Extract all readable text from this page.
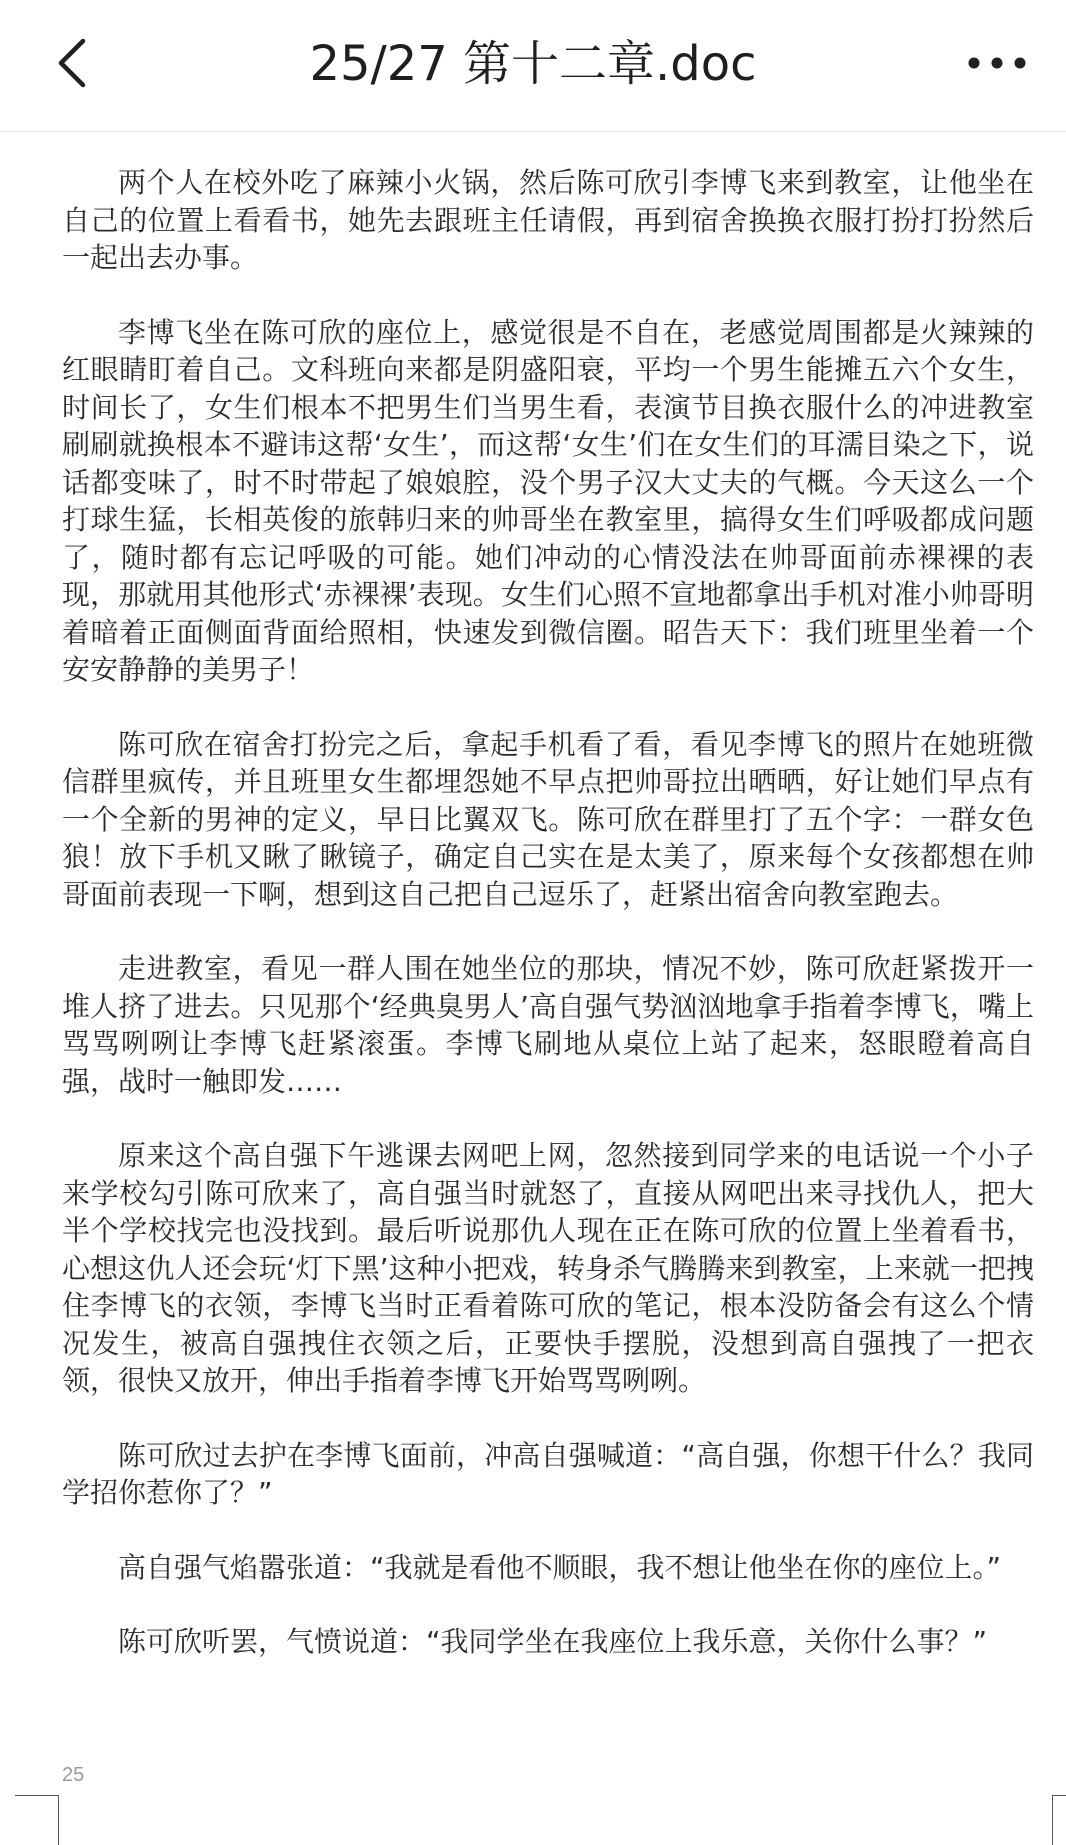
25/27 第十二章.doc

两个人在校外吃了麻辣小火锅，然后陈可欣引李博飞来到教室，让他坐在自己的位置上看看书，她先去跟班主任请假，再到宿舍换换衣服打扮打扮然后一起出去办事。

李博飞坐在陈可欣的座位上，感觉很是不自在，老感觉周围都是火辣辣的红眼睛盯着自己。文科班向来都是阴盛阳衰，平均一个男生能摊五六个女生，时间长了，女生们根本不把男生们当男生看，表演节目换衣服什么的冲进教室刷刷就换根本不避讳这帮‘女生’，而这帮‘女生’们在女生们的耳濡目染之下，说话都变味了，时不时带起了娘娘腔，没个男子汉大丈夫的气概。今天这么一个打球生猛，长相英俊的旅韩归来的帅哥坐在教室里，搞得女生们呼吸都成问题了，随时都有忘记呼吸的可能。她们冲动的心情没法在帅哥面前赤裸裸的表现，那就用其他形式‘赤裸裸’表现。女生们心照不宣地都拿出手机对准小帅哥明着暗着正面侧面背面给照相，快速发到微信圈。昭告天下：我们班里坐着一个安安静静的美男子！

陈可欣在宿舍打扮完之后，拿起手机看了看，看见李博飞的照片在她班微信群里疯传，并且班里女生都埋怨她不早点把帅哥拉出晒晒，好让她们早点有一个全新的男神的定义，早日比翼双飞。陈可欣在群里打了五个字：一群女色狼！放下手机又瞅了瞅镜子，确定自己实在是太美了，原来每个女孩都想在帅哥面前表现一下啊，想到这自己把自己逗乐了，赶紧出宿舍向教室跑去。

走进教室，看见一群人围在她坐位的那块，情况不妙，陈可欣赶紧拨开一堆人挤了进去。只见那个‘经典臭男人’高自强气势汹汹地拿手指着李博飞，嘴上骂骂咧咧让李博飞赶紧滚蛋。李博飞刷地从桌位上站了起来，怒眼瞪着高自强，战时一触即发……

原来这个高自强下午逃课去网吧上网，忽然接到同学来的电话说一个小子来学校勾引陈可欣来了，高自强当时就怒了，直接从网吧出来寻找仇人，把大半个学校找完也没找到。最后听说那仇人现在正在陈可欣的位置上坐着看书，心想这仇人还会玩‘灯下黑’这种小把戏，转身杀气腾腾来到教室，上来就一把拽住李博飞的衣领，李博飞当时正看着陈可欣的笔记，根本没防备会有这么个情况发生，被高自强拽住衣领之后，正要快手摆脱，没想到高自强拽了一把衣领，很快又放开，伸出手指着李博飞开始骂骂咧咧。

陈可欣过去护在李博飞面前，冲高自强喊道：“高自强，你想干什么？我同学招你惹你了？”

高自强气焰嚣张道：“我就是看他不顺眼，我不想让他坐在你的座位上。”

陈可欣听罢，气愤说道：“我同学坐在我座位上我乐意，关你什么事？”

25
